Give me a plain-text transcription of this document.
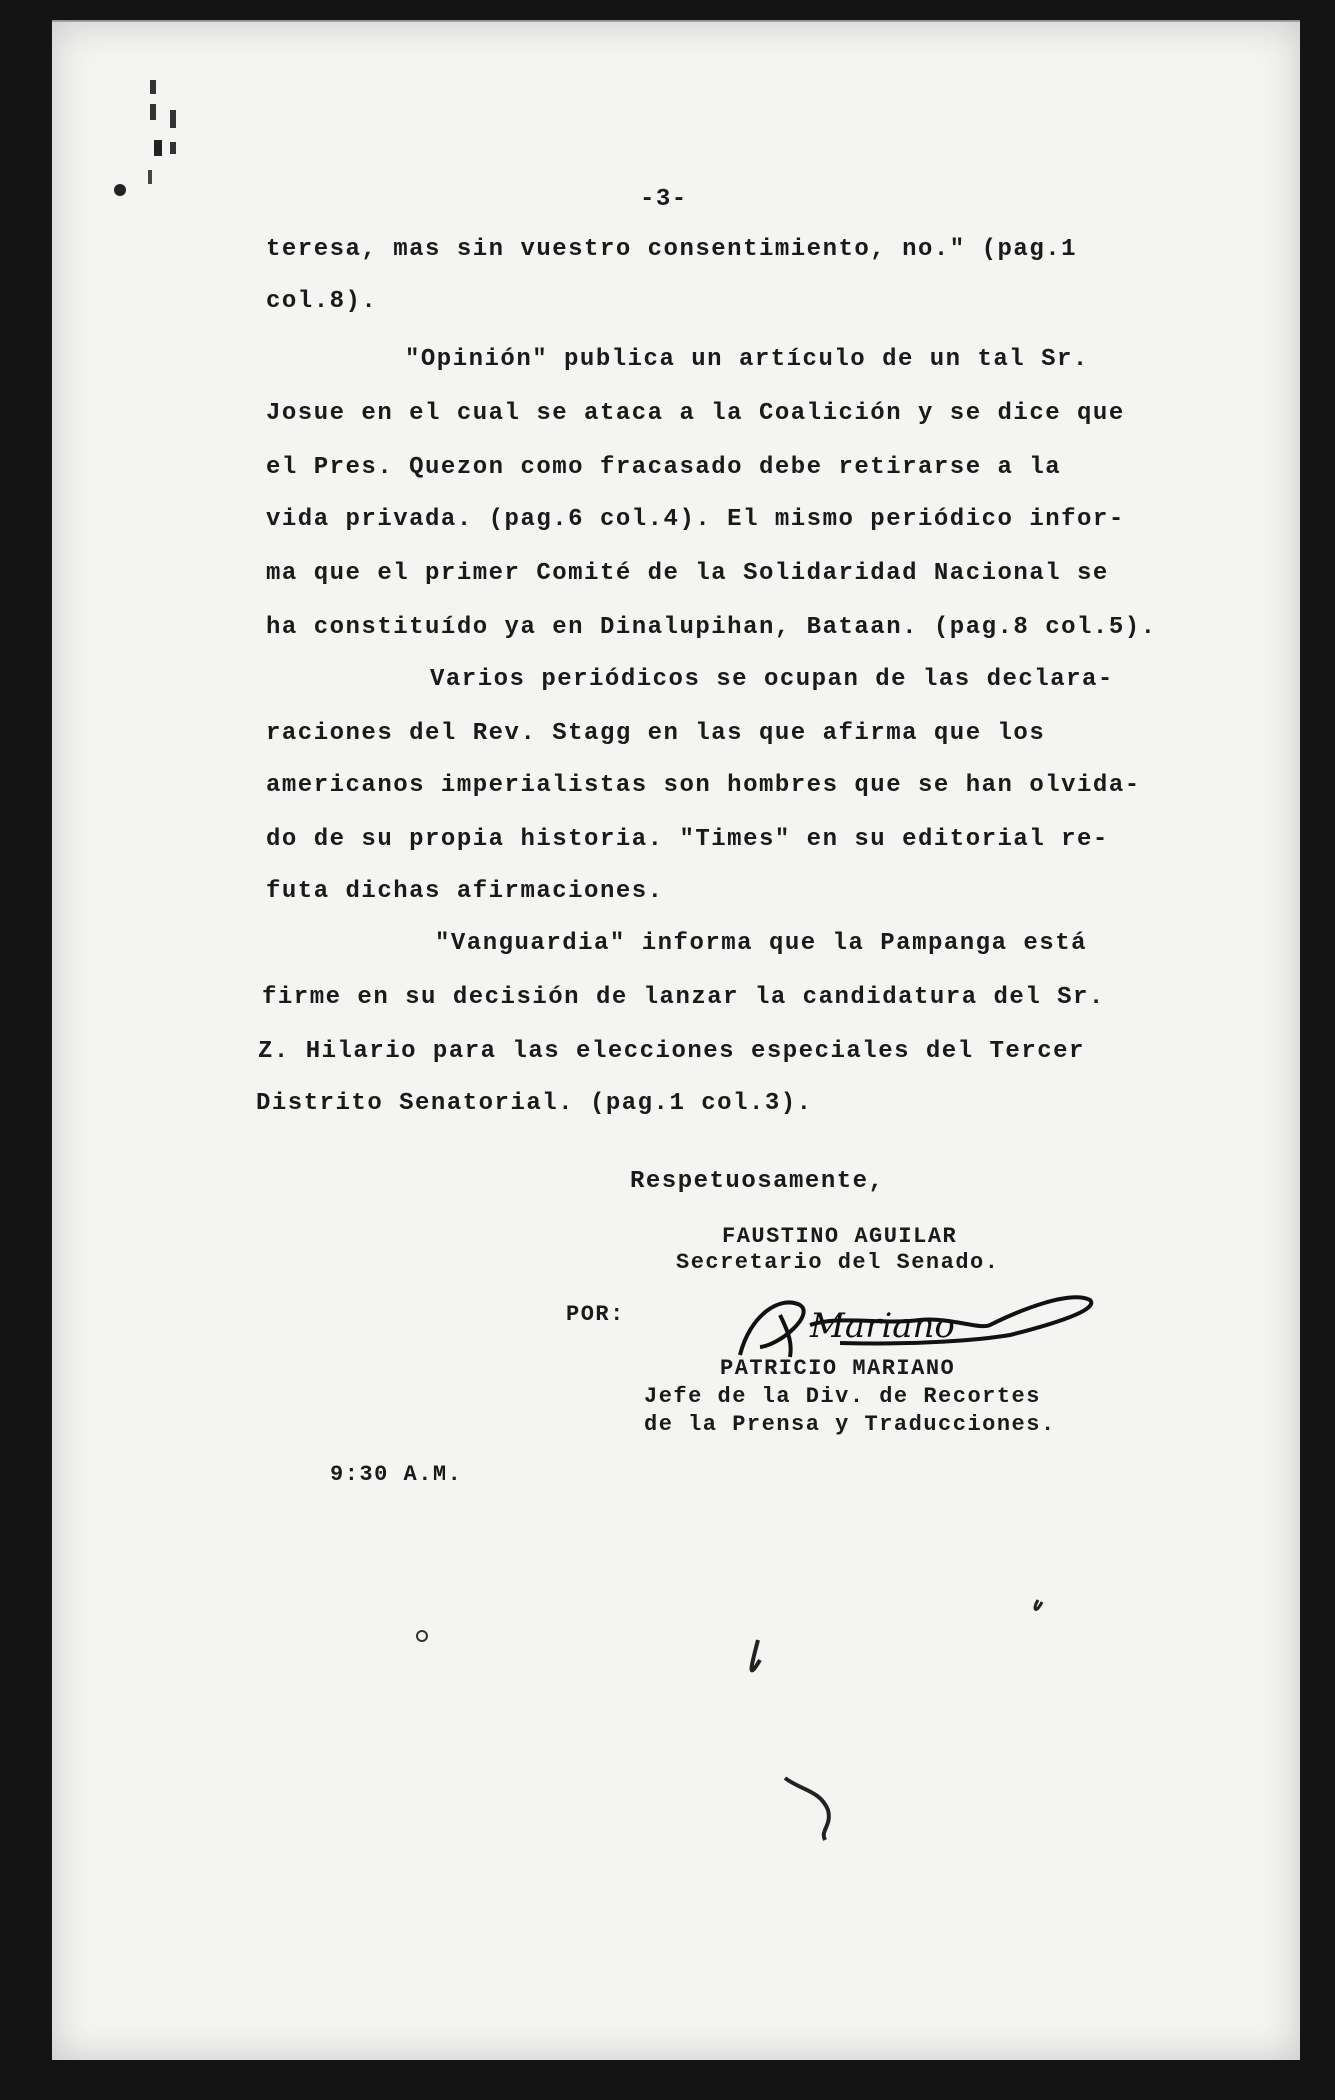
-3-
teresa, mas sin vuestro consentimiento, no." (pag.1
col.8).
"Opinión" publica un artículo de un tal Sr.
Josue en el cual se ataca a la Coalición y se dice que
el Pres. Quezon como fracasado debe retirarse a la
vida privada. (pag.6 col.4). El mismo periódico infor-
ma que el primer Comité de la Solidaridad Nacional se
ha constituído ya en Dinalupihan, Bataan. (pag.8 col.5).
Varios periódicos se ocupan de las declara-
raciones del Rev. Stagg en las que afirma que los
americanos imperialistas son hombres que se han olvida-
do de su propia historia. "Times" en su editorial re-
futa dichas afirmaciones.
"Vanguardia" informa que la Pampanga está
firme en su decisión de lanzar la candidatura del Sr.
Z. Hilario para las elecciones especiales del Tercer
Distrito Senatorial. (pag.1 col.3).
Respetuosamente,
FAUSTINO AGUILAR
Secretario del Senado.
POR:	Mariano
PATRICIO MARIANO
Jefe de la Div. de Recortes
de la Prensa y Traducciones.
9:30 A.M.
